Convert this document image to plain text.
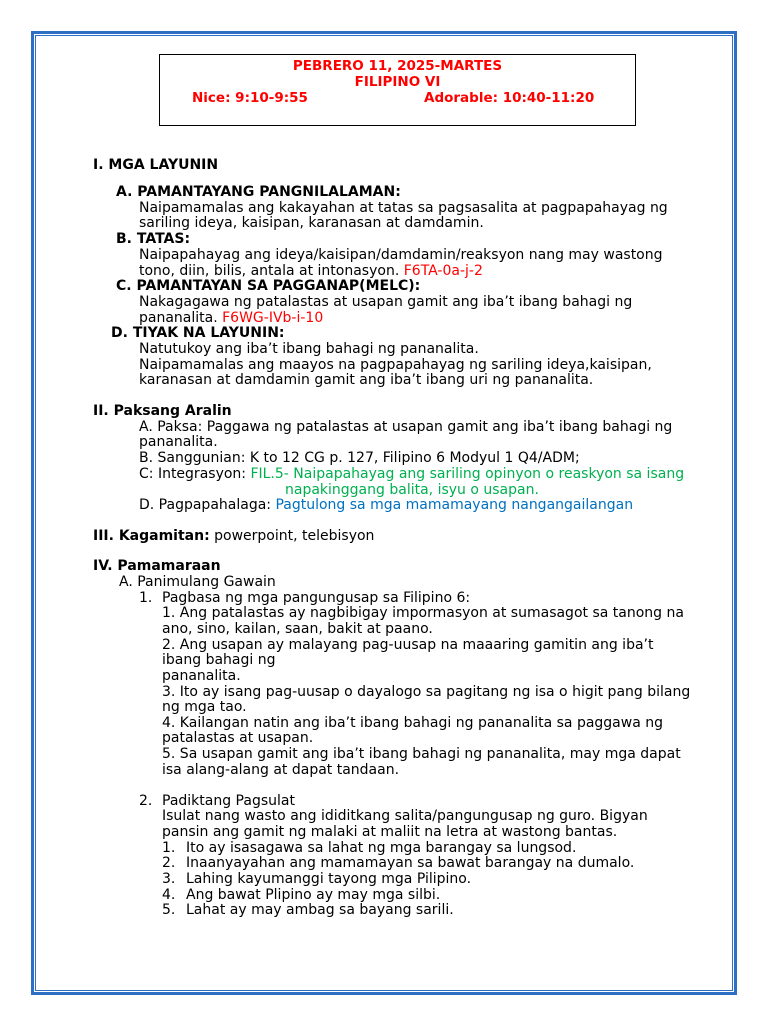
PEBRERO 11, 2025-MARTES
FILIPINO VI
Nice: 9:10-9:55	Adorable: 10:40-11:20
I. MGA LAYUNIN
A. PAMANTAYANG PANGNILALAMAN:
Naipamamalas ang kakayahan at tatas sa pagsasalita at pagpapahayag ng
sariling ideya, kaisipan, karanasan at damdamin.
B. TATAS:
Naipapahayag ang ideya/kaisipan/damdamin/reaksyon nang may wastong
tono, diin, bilis, antala at intonasyon. F6TA-0a-j-2
C. PAMANTAYAN SA PAGGANAP(MELC):
Nakagagawa ng patalastas at usapan gamit ang iba’t ibang bahagi ng
pananalita. F6WG-IVb-i-10
D. TIYAK NA LAYUNIN:
Natutukoy ang iba’t ibang bahagi ng pananalita.
Naipamamalas ang maayos na pagpapahayag ng sariling ideya,kaisipan,
karanasan at damdamin gamit ang iba’t ibang uri ng pananalita.
II. Paksang Aralin
A. Paksa: Paggawa ng patalastas at usapan gamit ang iba’t ibang bahagi ng
pananalita.
B. Sanggunian: K to 12 CG p. 127, Filipino 6 Modyul 1 Q4/ADM;
C: Integrasyon: FIL.5- Naipapahayag ang sariling opinyon o reaskyon sa isang
napakinggang balita, isyu o usapan.
D. Pagpapahalaga: Pagtulong sa mga mamamayang nangangailangan
III. Kagamitan: powerpoint, telebisyon
IV. Pamamaraan
A. Panimulang Gawain
1. Pagbasa ng mga pangungusap sa Filipino 6:
1. Ang patalastas ay nagbibigay impormasyon at sumasagot sa tanong na
ano, sino, kailan, saan, bakit at paano.
2. Ang usapan ay malayang pag-uusap na maaaring gamitin ang iba’t
ibang bahagi ng
pananalita.
3. Ito ay isang pag-uusap o dayalogo sa pagitang ng isa o higit pang bilang
ng mga tao.
4. Kailangan natin ang iba’t ibang bahagi ng pananalita sa paggawa ng
patalastas at usapan.
5. Sa usapan gamit ang iba’t ibang bahagi ng pananalita, may mga dapat
isa alang-alang at dapat tandaan.
2. Padiktang Pagsulat
Isulat nang wasto ang ididitkang salita/pangungusap ng guro. Bigyan
pansin ang gamit ng malaki at maliit na letra at wastong bantas.
1. Ito ay isasagawa sa lahat ng mga barangay sa lungsod.
2. Inaanyayahan ang mamamayan sa bawat barangay na dumalo.
3. Lahing kayumanggi tayong mga Pilipino.
4. Ang bawat Plipino ay may mga silbi.
5. Lahat ay may ambag sa bayang sarili.
